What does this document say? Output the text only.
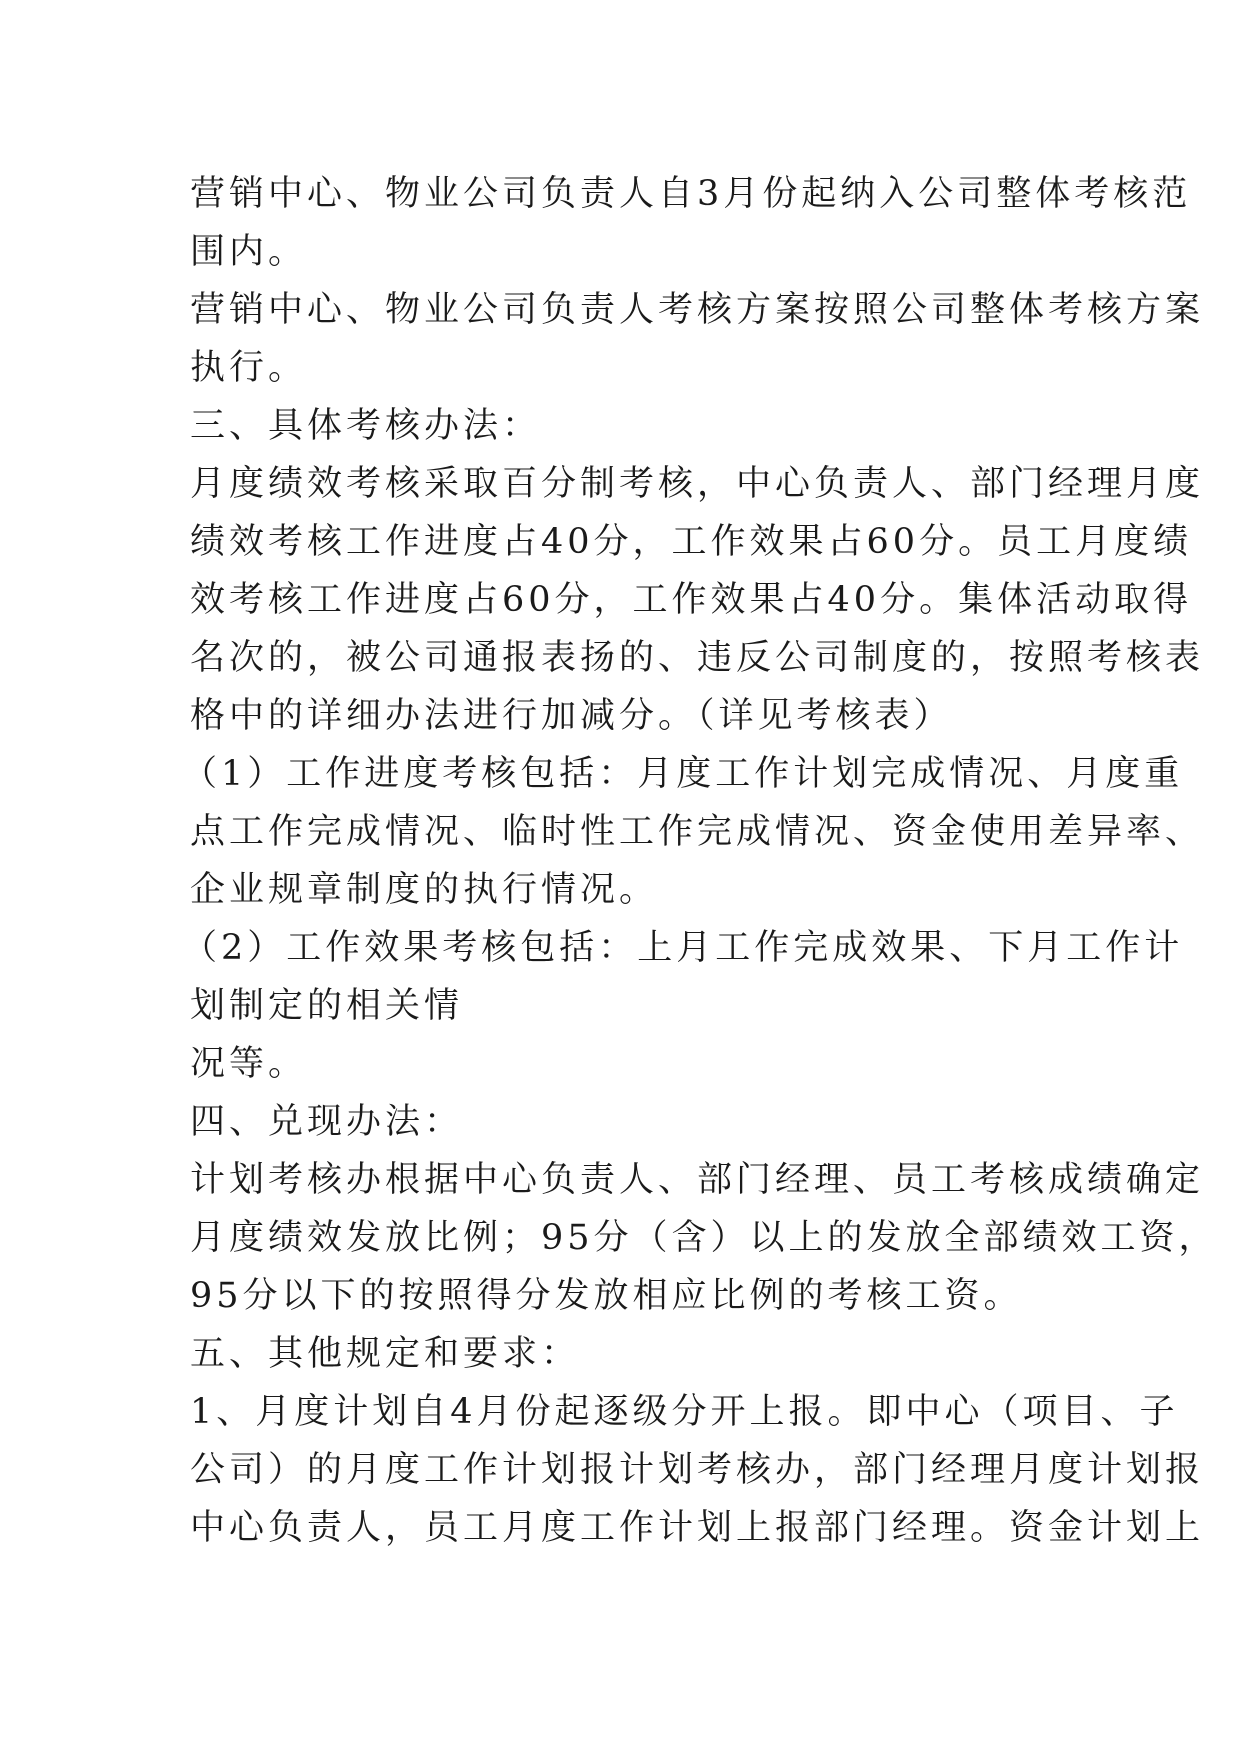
营销中心、物业公司负责人自3月份起纳入公司整体考核范
围内。
营销中心、物业公司负责人考核方案按照公司整体考核方案
执行。
三、具体考核办法：
月度绩效考核采取百分制考核，中心负责人、部门经理月度
绩效考核工作进度占40分，工作效果占60分。员工月度绩
效考核工作进度占60分，工作效果占40分。集体活动取得
名次的，被公司通报表扬的、违反公司制度的，按照考核表
格中的详细办法进行加减分。（详见考核表）
（1）工作进度考核包括：月度工作计划完成情况、月度重
点工作完成情况、临时性工作完成情况、资金使用差异率、
企业规章制度的执行情况。
（2）工作效果考核包括：上月工作完成效果、下月工作计
划制定的相关情
况等。
四、兑现办法：
计划考核办根据中心负责人、部门经理、员工考核成绩确定
月度绩效发放比例；95分（含）以上的发放全部绩效工资，
95分以下的按照得分发放相应比例的考核工资。
五、其他规定和要求：
1、月度计划自4月份起逐级分开上报。即中心（项目、子
公司）的月度工作计划报计划考核办，部门经理月度计划报
中心负责人，员工月度工作计划上报部门经理。资金计划上
